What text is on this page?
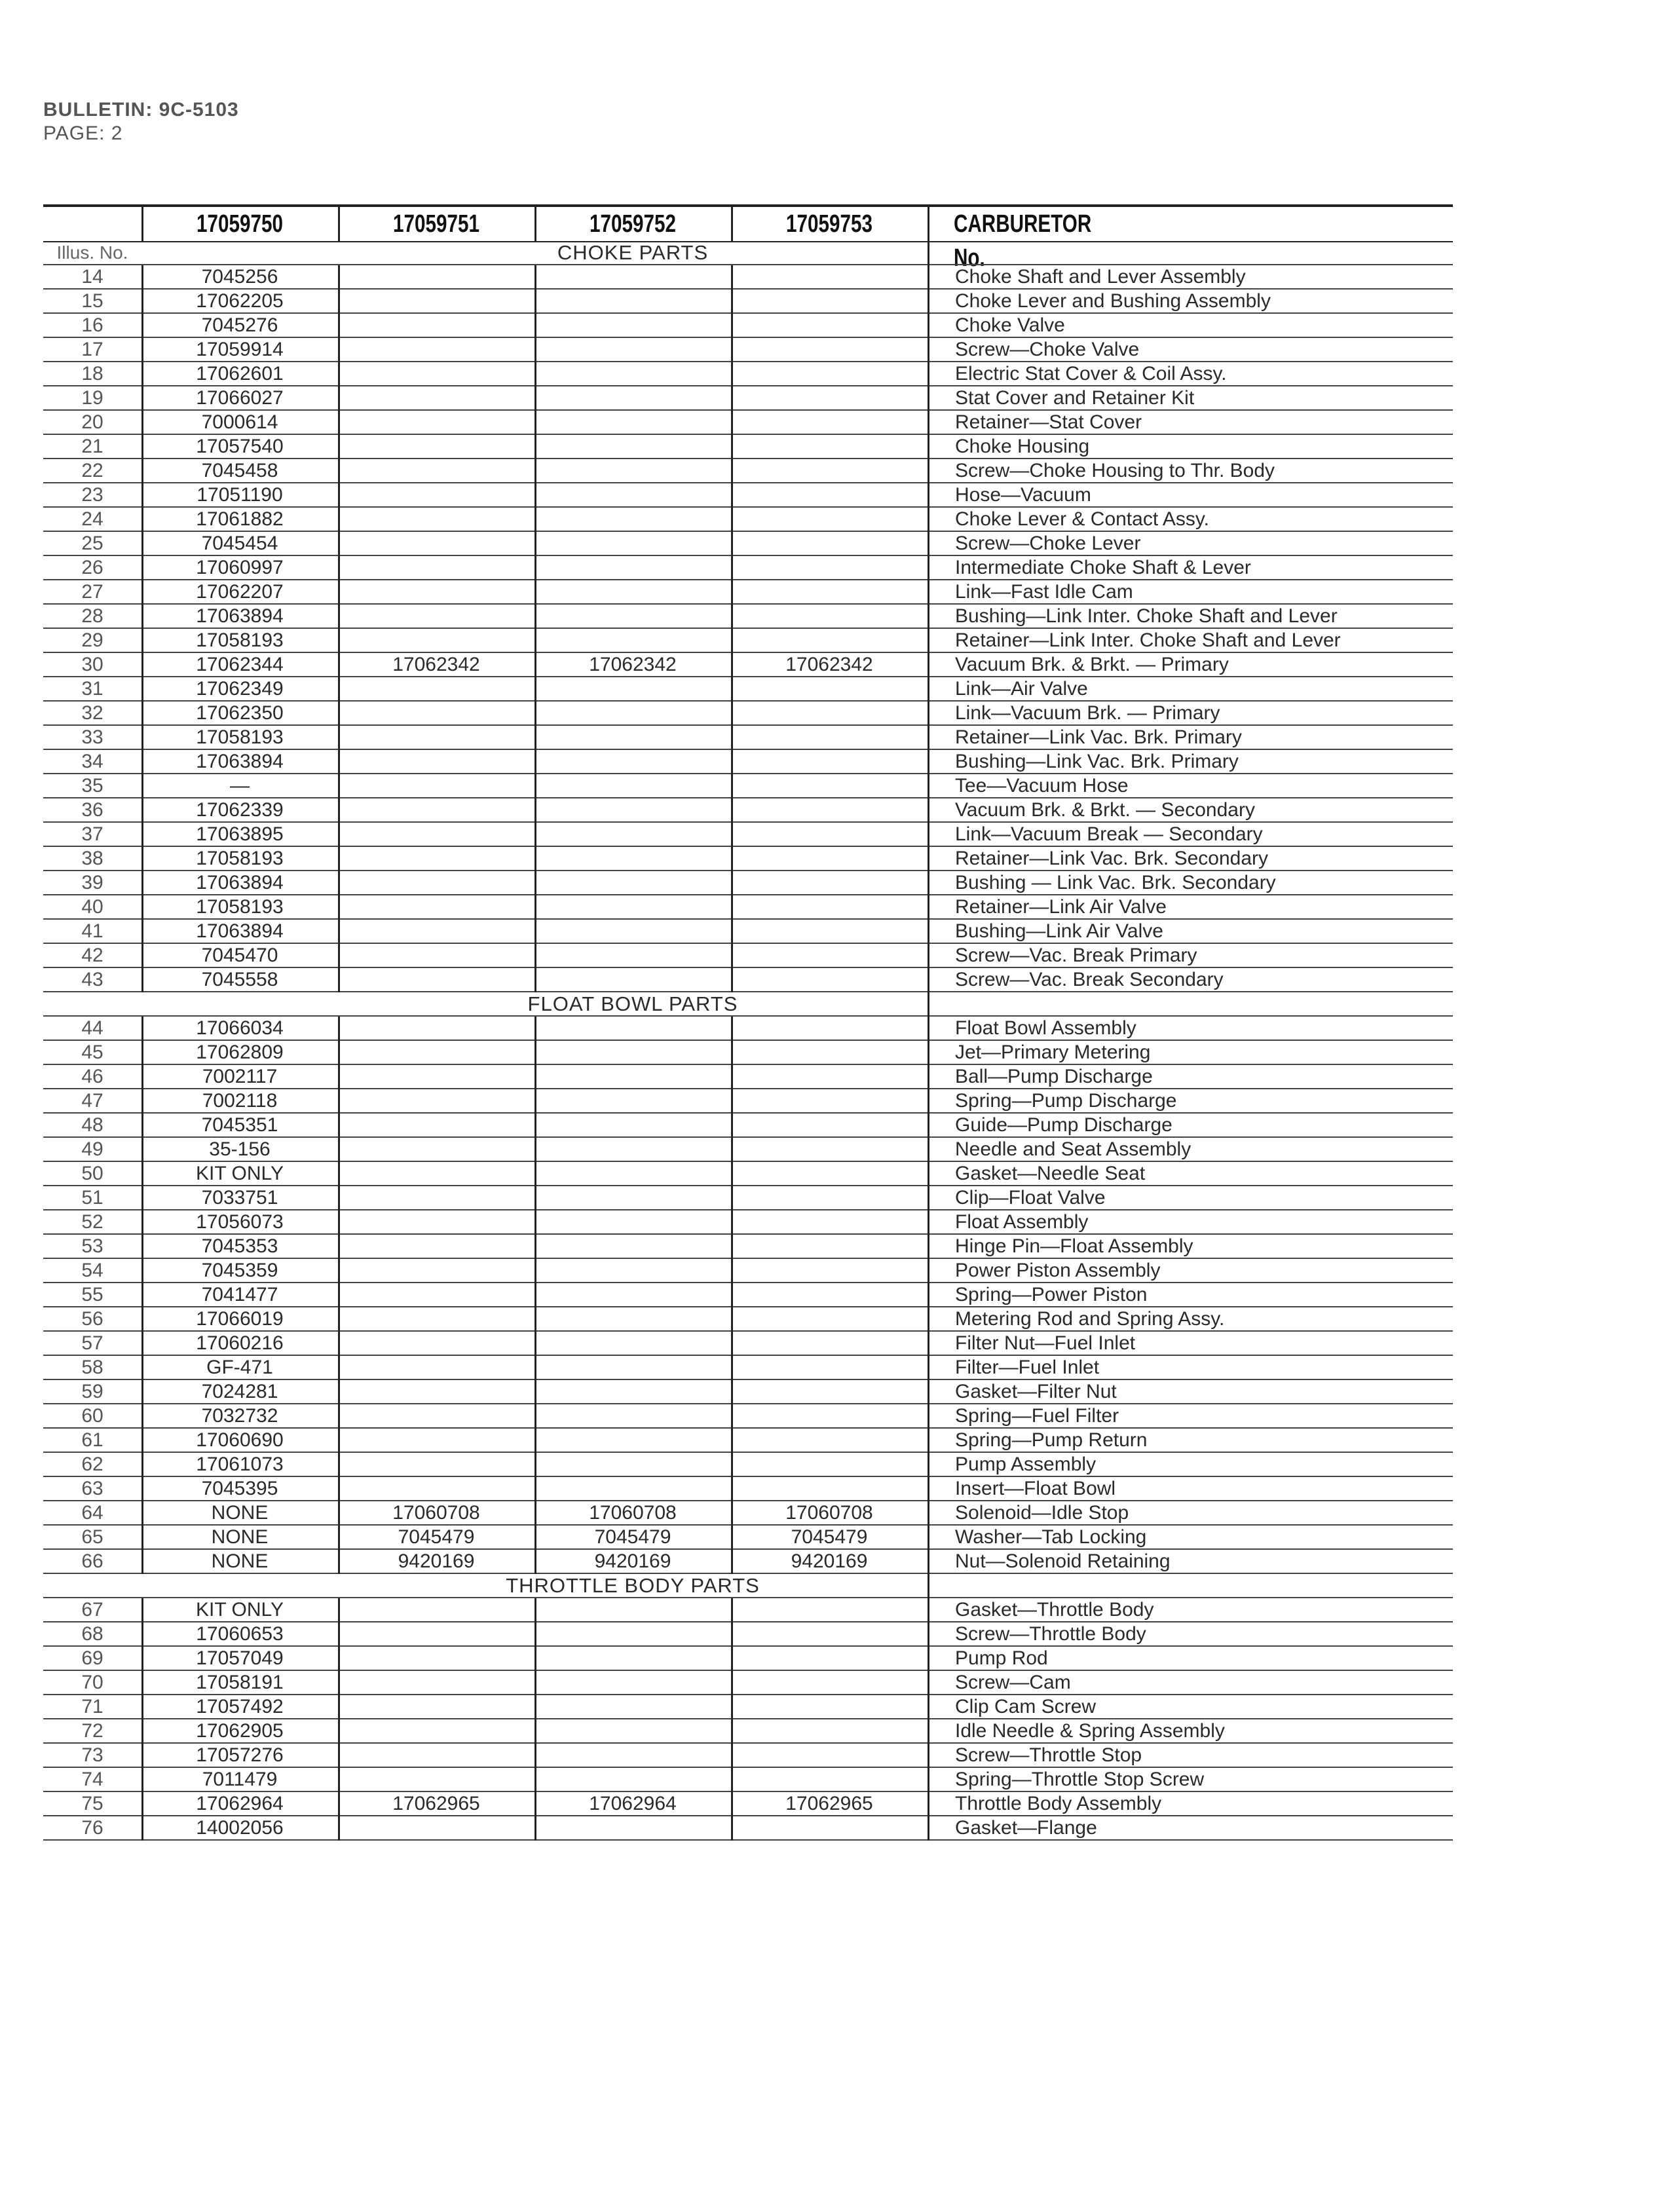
BULLETIN: 9C-5103
PAGE: 2
17059750	17059751	17059752	17059753	CARBURETOR No.
Illus. No.	CHOKE PARTS
14	7045256	Choke Shaft and Lever Assembly
15	17062205	Choke Lever and Bushing Assembly
16	7045276	Choke Valve
17	17059914	Screw—Choke Valve
18	17062601	Electric Stat Cover & Coil Assy.
19	17066027	Stat Cover and Retainer Kit
20	7000614	Retainer—Stat Cover
21	17057540	Choke Housing
22	7045458	Screw—Choke Housing to Thr. Body
23	17051190	Hose—Vacuum
24	17061882	Choke Lever & Contact Assy.
25	7045454	Screw—Choke Lever
26	17060997	Intermediate Choke Shaft & Lever
27	17062207	Link—Fast Idle Cam
28	17063894	Bushing—Link Inter. Choke Shaft and Lever
29	17058193	Retainer—Link Inter. Choke Shaft and Lever
30	17062344	17062342	17062342	17062342	Vacuum Brk. & Brkt. — Primary
31	17062349	Link—Air Valve
32	17062350	Link—Vacuum Brk. — Primary
33	17058193	Retainer—Link Vac. Brk. Primary
34	17063894	Bushing—Link Vac. Brk. Primary
35	—	Tee—Vacuum Hose
36	17062339	Vacuum Brk. & Brkt. — Secondary
37	17063895	Link—Vacuum Break — Secondary
38	17058193	Retainer—Link Vac. Brk. Secondary
39	17063894	Bushing — Link Vac. Brk. Secondary
40	17058193	Retainer—Link Air Valve
41	17063894	Bushing—Link Air Valve
42	7045470	Screw—Vac. Break Primary
43	7045558	Screw—Vac. Break Secondary
FLOAT BOWL PARTS
44	17066034	Float Bowl Assembly
45	17062809	Jet—Primary Metering
46	7002117	Ball—Pump Discharge
47	7002118	Spring—Pump Discharge
48	7045351	Guide—Pump Discharge
49	35-156	Needle and Seat Assembly
50	KIT ONLY	Gasket—Needle Seat
51	7033751	Clip—Float Valve
52	17056073	Float Assembly
53	7045353	Hinge Pin—Float Assembly
54	7045359	Power Piston Assembly
55	7041477	Spring—Power Piston
56	17066019	Metering Rod and Spring Assy.
57	17060216	Filter Nut—Fuel Inlet
58	GF-471	Filter—Fuel Inlet
59	7024281	Gasket—Filter Nut
60	7032732	Spring—Fuel Filter
61	17060690	Spring—Pump Return
62	17061073	Pump Assembly
63	7045395	Insert—Float Bowl
64	NONE	17060708	17060708	17060708	Solenoid—Idle Stop
65	NONE	7045479	7045479	7045479	Washer—Tab Locking
66	NONE	9420169	9420169	9420169	Nut—Solenoid Retaining
THROTTLE BODY PARTS
67	KIT ONLY	Gasket—Throttle Body
68	17060653	Screw—Throttle Body
69	17057049	Pump Rod
70	17058191	Screw—Cam
71	17057492	Clip Cam Screw
72	17062905	Idle Needle & Spring Assembly
73	17057276	Screw—Throttle Stop
74	7011479	Spring—Throttle Stop Screw
75	17062964	17062965	17062964	17062965	Throttle Body Assembly
76	14002056	Gasket—Flange
